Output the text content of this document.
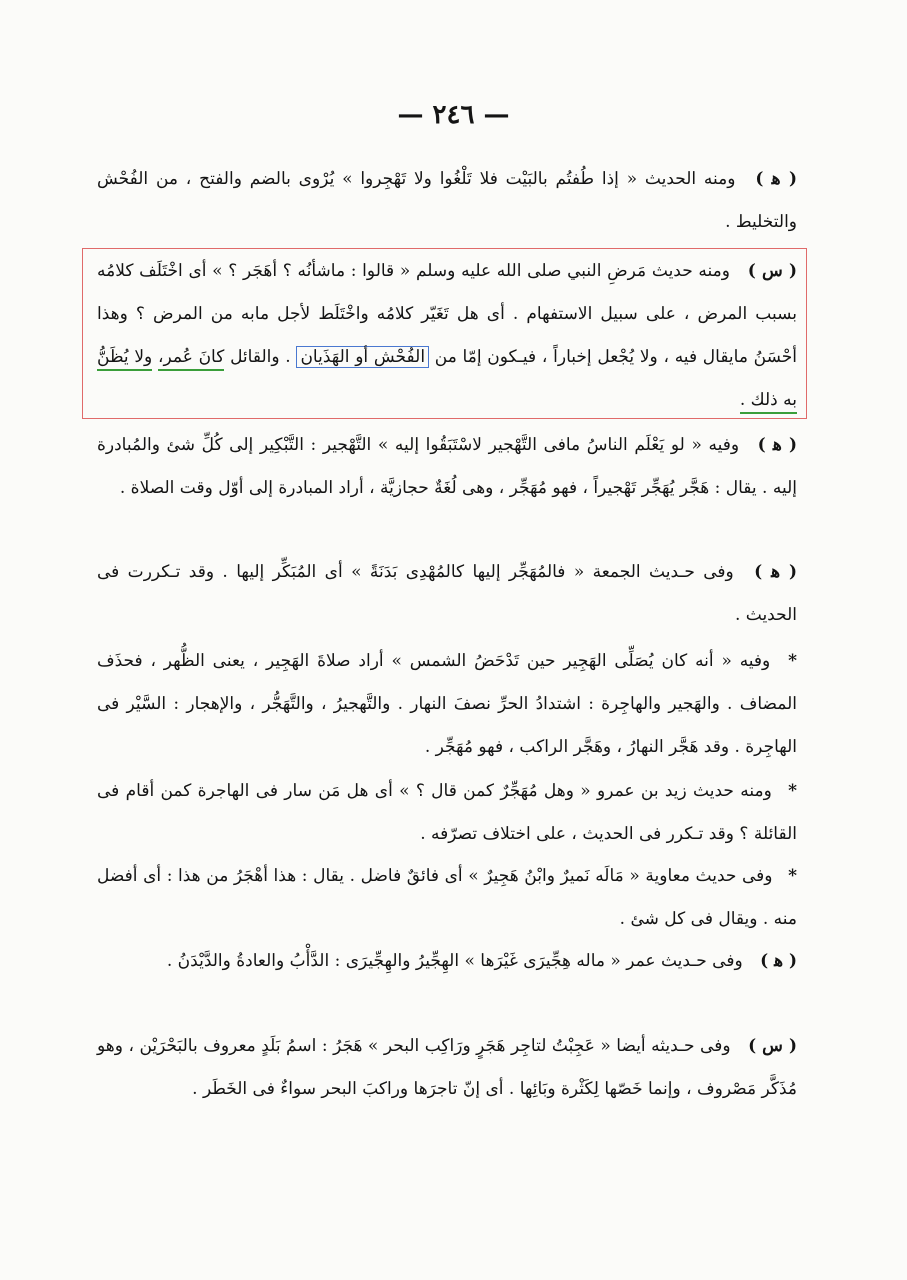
— ٢٤٦ —

( ﻫ ) ومنه الحديث « إذا طُفتُم بالبَيْت فلا تَلْغُوا ولا تَهْجِروا » يُرْوى بالضم والفتح ، من الفُحْش والتخليط .

( س ) ومنه حديث مَرضِ النبي صلى الله عليه وسلم « قالوا : ماشأنُه ؟ أهَجَر ؟ » أى اخْتَلَف كلامُه بسبب المرض ، على سبيل الاستفهام . أى هل تَغَيّر كلامُه واخْتَلَط لأجل مابه من المرض ؟ وهذا أحْسَنُ مايقال فيه ، ولا يُجْعل إخباراً ، فيـكون إمّا من الفُحْش أو الهَذَيان . والقائل كانَ عُمر، ولا يُظَنُّ به ذلك .

( ﻫ ) وفيه « لو يَعْلَم الناسُ مافى التَّهْجير لاسْتَبَقُوا إليه » التَّهْجير : التَّبْكِير إلى كُلِّ شئ والمُبادرة إليه . يقال : هَجَّر يُهَجِّر تَهْجيراً ، فهو مُهَجِّر ، وهى لُغَةٌ حجازيَّة ، أراد المبادرة إلى أوّل وقت الصلاة .

( ﻫ ) وفى حـديث الجمعة « فالمُهَجِّر إليها كالمُهْدِى بَدَنَةً » أى المُبَكِّر إليها . وقد تـكررت فى الحديث .

* وفيه « أنه كان يُصَلِّى الهَجِير حين تَدْحَضُ الشمس » أراد صلاةَ الهَجِير ، يعنى الظُّهر ، فحذَف المضاف . والهَجير والهاجِرة : اشتدادُ الحرِّ نصفَ النهار . والتَّهجيرُ ، والتَّهَجُّر ، والإهجار : السَّيْر فى الهاجِرة . وقد هَجَّر النهارُ ، وهَجَّر الراكب ، فهو مُهَجِّر .

* ومنه حديث زيد بن عمرو « وهل مُهَجِّرٌ كمن قال ؟ » أى هل مَن سار فى الهاجرة كمن أقام فى القائلة ؟ وقد تـكرر فى الحديث ، على اختلاف تصرّفه .

* وفى حديث معاوية « مَالَه نَميرٌ وابْنُ هَجِيرٌ » أى فائقٌ فاضل . يقال : هذا أهْجَرُ من هذا : أى أفضل منه . ويقال فى كل شئ .

( ﻫ ) وفى حـديث عمر « ماله هِجِّيرَى غَيْرَها » الهِجِّيرُ والهِجِّيرَى : الدَّأْبُ والعادةُ والدَّيْدَنُ .

( س ) وفى حـديثه أيضا « عَجِبْتُ لتاجِر هَجَرٍ ورَاكِب البحر » هَجَرُ : اسمُ بَلَدٍ معروف بالبَحْرَيْن ، وهو مُذَكَّر مَصْروف ، وإنما خَصّها لِكَثْرة وبَائِها . أى إنّ تاجرَها وراكبَ البحر سواءٌ فى الخَطَر .
